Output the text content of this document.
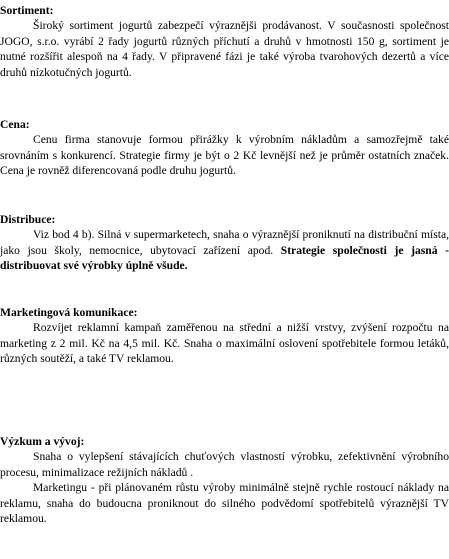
Sortiment:

Široký sortiment jogurtů zabezpečí výraznějši prodávanost. V současnosti společnost JOGO, s.r.o. vyrábí 2 řady jogurtů různých příchutí a druhů v hmotnosti 150 g, sortiment je nutné rozšířit alespoň na 4 řady. V připravené fázi je také výroba tvarohových dezertů a více druhů nízkotučných jogurtů.

Cena:

Cenu firma stanovuje formou přirážky k výrobním nákladům a samozřejmě také srovnáním s konkurencí. Strategie firmy je být o 2 Kč levnější než je průměr ostatních značek. Cena je rovněž diferencovaná podle druhu jogurtů.

Distribuce:

Viz bod 4 b). Silná v supermarketech, snaha o výraznější proniknutí na distribuční místa, jako jsou školy, nemocnice, ubytovací zařízení apod. Strategie společnosti je jasná - distribuovat své výrobky úplně všude.

Marketingová komunikace:

Rozvíjet reklamní kampaň zaměřenou na střední a nižší vrstvy, zvýšení rozpočtu na marketing z 2 mil. Kč na 4,5 mil. Kč. Snaha o maximální oslovení spotřebitele formou letáků, různých soutěží, a také TV reklamou.

Výzkum a vývoj:

Snaha o vylepšení stávajících chuťových vlastností výrobku, zefektivnění výrobního procesu, minimalizace režijních nákladů .

Marketingu - při plánovaném růstu výroby minimálně stejně rychle rostoucí náklady na reklamu, snaha do budoucna proniknout do silného podvědomí spotřebitelů výraznější TV reklamou.
